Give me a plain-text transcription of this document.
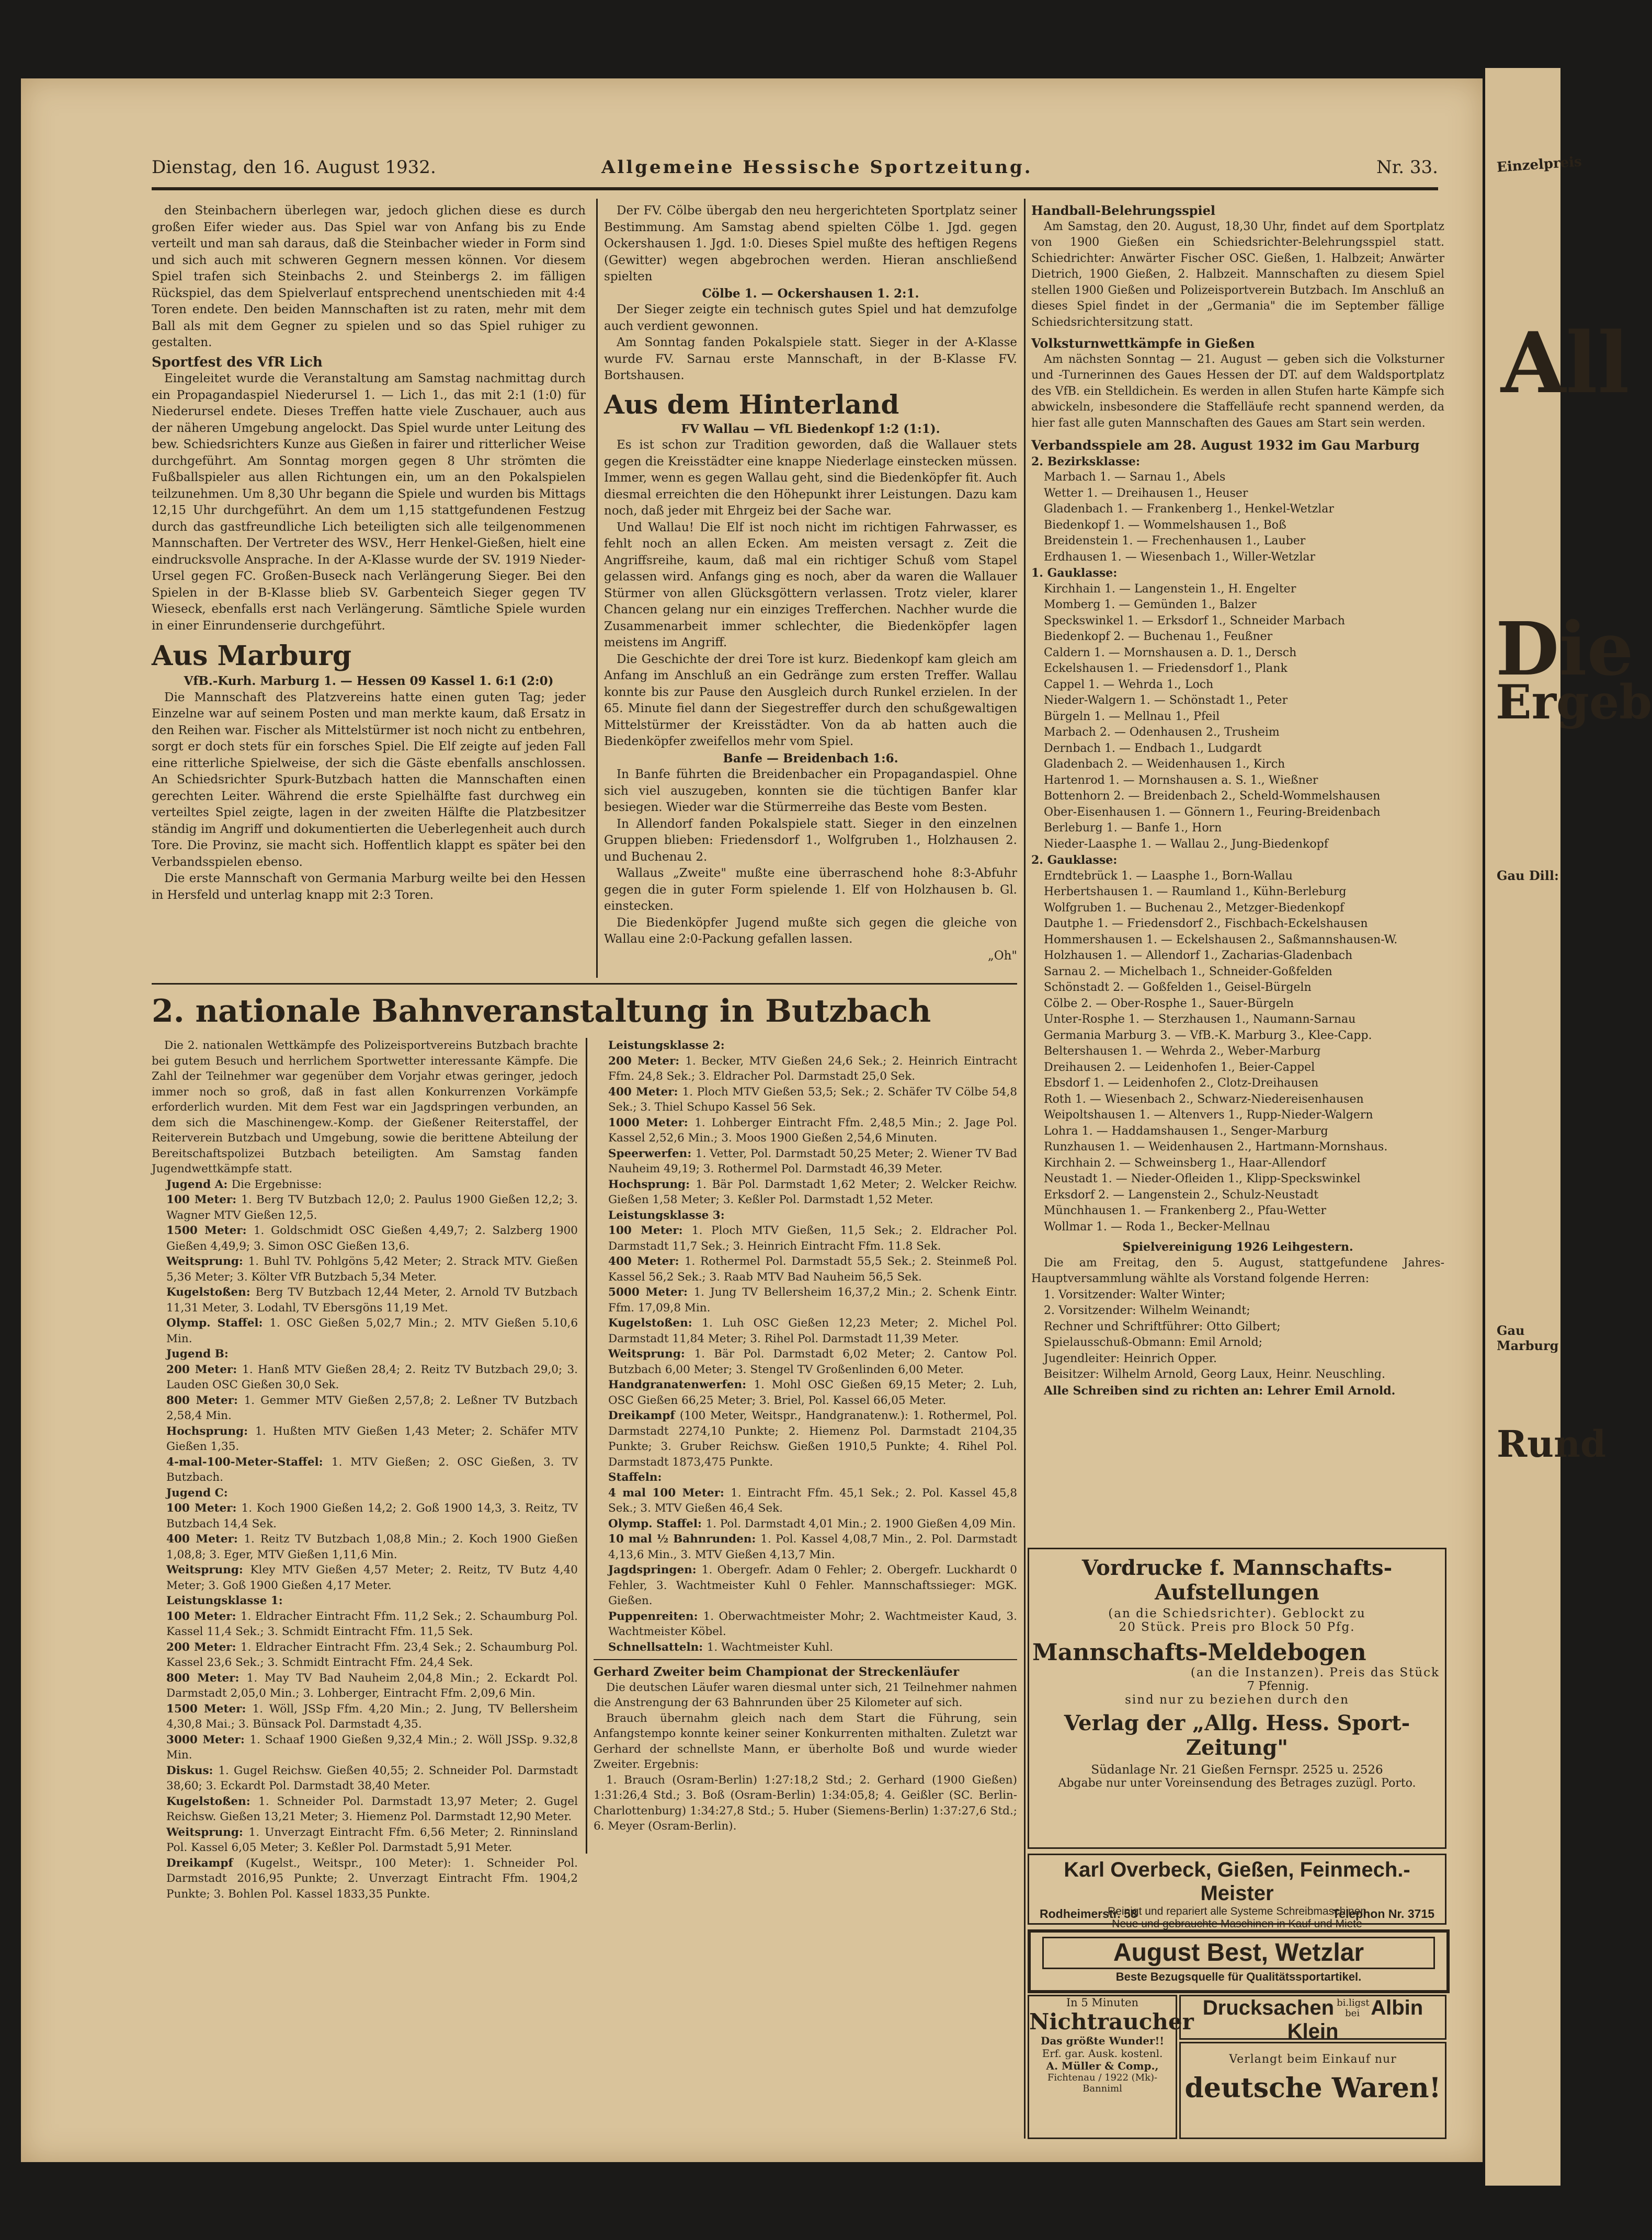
Einzelpreis
All
Die
Ergeb
Gau Dill:
Gau Marburg
Rund
Dienstag, den 16. August 1932.	Allgemeine Hessische Sportzeitung.	Nr. 33.

den Steinbachern überlegen war, jedoch glichen diese es durch großen Eifer wieder aus. Das Spiel war von Anfang bis zu Ende verteilt und man sah daraus, daß die Steinbacher wieder in Form sind und sich auch mit schweren Gegnern messen können. Vor diesem Spiel trafen sich Steinbachs 2. und Steinbergs 2. im fälligen Rückspiel, das dem Spielverlauf entsprechend unentschieden mit 4:4 Toren endete. Den beiden Mannschaften ist zu raten, mehr mit dem Ball als mit dem Gegner zu spielen und so das Spiel ruhiger zu gestalten.

Sportfest des VfR Lich

Eingeleitet wurde die Veranstaltung am Samstag nachmittag durch ein Propagandaspiel Niederursel 1. — Lich 1., das mit 2:1 (1:0) für Niederursel endete. Dieses Treffen hatte viele Zuschauer, auch aus der näheren Umgebung angelockt. Das Spiel wurde unter Leitung des bew. Schiedsrichters Kunze aus Gießen in fairer und ritterlicher Weise durchgeführt. Am Sonntag morgen gegen 8 Uhr strömten die Fußballspieler aus allen Richtungen ein, um an den Pokalspielen teilzunehmen. Um 8,30 Uhr begann die Spiele und wurden bis Mittags 12,15 Uhr durchgeführt. An dem um 1,15 stattgefundenen Festzug durch das gastfreundliche Lich beteiligten sich alle teilgenommenen Mannschaften. Der Vertreter des WSV., Herr Henkel-Gießen, hielt eine eindrucksvolle Ansprache. In der A-Klasse wurde der SV. 1919 Nieder-Ursel gegen FC. Großen-Buseck nach Verlängerung Sieger. Bei den Spielen in der B-Klasse blieb SV. Garbenteich Sieger gegen TV Wieseck, ebenfalls erst nach Verlängerung. Sämtliche Spiele wurden in einer Einrundenserie durchgeführt.

Aus Marburg

VfB.-Kurh. Marburg 1. — Hessen 09 Kassel 1. 6:1 (2:0)

Die Mannschaft des Platzvereins hatte einen guten Tag; jeder Einzelne war auf seinem Posten und man merkte kaum, daß Ersatz in den Reihen war. Fischer als Mittelstürmer ist noch nicht zu entbehren, sorgt er doch stets für ein forsches Spiel. Die Elf zeigte auf jeden Fall eine ritterliche Spielweise, der sich die Gäste ebenfalls anschlossen. An Schiedsrichter Spurk-Butzbach hatten die Mannschaften einen gerechten Leiter. Während die erste Spielhälfte fast durchweg ein verteiltes Spiel zeigte, lagen in der zweiten Hälfte die Platzbesitzer ständig im Angriff und dokumentierten die Ueberlegenheit auch durch Tore. Die Provinz, sie macht sich. Hoffentlich klappt es später bei den Verbandsspielen ebenso.

Die erste Mannschaft von Germania Marburg weilte bei den Hessen in Hersfeld und unterlag knapp mit 2:3 Toren.

Der FV. Cölbe übergab den neu hergerichteten Sportplatz seiner Bestimmung. Am Samstag abend spielten Cölbe 1. Jgd. gegen Ockershausen 1. Jgd. 1:0. Dieses Spiel mußte des heftigen Regens (Gewitter) wegen abgebrochen werden. Hieran anschließend spielten

Cölbe 1. — Ockershausen 1. 2:1.

Der Sieger zeigte ein technisch gutes Spiel und hat demzufolge auch verdient gewonnen.

Am Sonntag fanden Pokalspiele statt. Sieger in der A-Klasse wurde FV. Sarnau erste Mannschaft, in der B-Klasse FV. Bortshausen.

Aus dem Hinterland

FV Wallau — VfL Biedenkopf 1:2 (1:1).

Es ist schon zur Tradition geworden, daß die Wallauer stets gegen die Kreisstädter eine knappe Niederlage einstecken müssen. Immer, wenn es gegen Wallau geht, sind die Biedenköpfer fit. Auch diesmal erreichten die den Höhepunkt ihrer Leistungen. Dazu kam noch, daß jeder mit Ehrgeiz bei der Sache war.

Und Wallau! Die Elf ist noch nicht im richtigen Fahrwasser, es fehlt noch an allen Ecken. Am meisten versagt z. Zeit die Angriffsreihe, kaum, daß mal ein richtiger Schuß vom Stapel gelassen wird. Anfangs ging es noch, aber da waren die Wallauer Stürmer von allen Glücksgöttern verlassen. Trotz vieler, klarer Chancen gelang nur ein einziges Trefferchen. Nachher wurde die Zusammenarbeit immer schlechter, die Biedenköpfer lagen meistens im Angriff.

Die Geschichte der drei Tore ist kurz. Biedenkopf kam gleich am Anfang im Anschluß an ein Gedränge zum ersten Treffer. Wallau konnte bis zur Pause den Ausgleich durch Runkel erzielen. In der 65. Minute fiel dann der Siegestreffer durch den schußgewaltigen Mittelstürmer der Kreisstädter. Von da ab hatten auch die Biedenköpfer zweifellos mehr vom Spiel.

Banfe — Breidenbach 1:6.

In Banfe führten die Breidenbacher ein Propagandaspiel. Ohne sich viel auszugeben, konnten sie die tüchtigen Banfer klar besiegen. Wieder war die Stürmerreihe das Beste vom Besten.

In Allendorf fanden Pokalspiele statt. Sieger in den einzelnen Gruppen blieben: Friedensdorf 1., Wolfgruben 1., Holzhausen 2. und Buchenau 2.

Wallaus „Zweite" mußte eine überraschend hohe 8:3-Abfuhr gegen die in guter Form spielende 1. Elf von Holzhausen b. Gl. einstecken.

Die Biedenköpfer Jugend mußte sich gegen die gleiche von Wallau eine 2:0-Packung gefallen lassen.

„Oh"

Handball-Belehrungsspiel

Am Samstag, den 20. August, 18,30 Uhr, findet auf dem Sportplatz von 1900 Gießen ein Schiedsrichter-Belehrungsspiel statt. Schiedrichter: Anwärter Fischer OSC. Gießen, 1. Halbzeit; Anwärter Dietrich, 1900 Gießen, 2. Halbzeit. Mannschaften zu diesem Spiel stellen 1900 Gießen und Polizeisportverein Butzbach. Im Anschluß an dieses Spiel findet in der „Germania" die im September fällige Schiedsrichtersitzung statt.

Volksturnwettkämpfe in Gießen

Am nächsten Sonntag — 21. August — geben sich die Volksturner und -Turnerinnen des Gaues Hessen der DT. auf dem Waldsportplatz des VfB. ein Stelldichein. Es werden in allen Stufen harte Kämpfe sich abwickeln, insbesondere die Staffelläufe recht spannend werden, da hier fast alle guten Mannschaften des Gaues am Start sein werden.

Verbandsspiele am 28. August 1932 im Gau Marburg

2. Bezirksklasse:

Marbach 1. — Sarnau 1., Abels
Wetter 1. — Dreihausen 1., Heuser
Gladenbach 1. — Frankenberg 1., Henkel-Wetzlar
Biedenkopf 1. — Wommelshausen 1., Boß
Breidenstein 1. — Frechenhausen 1., Lauber
Erdhausen 1. — Wiesenbach 1., Willer-Wetzlar

1. Gauklasse:

Kirchhain 1. — Langenstein 1., H. Engelter
Momberg 1. — Gemünden 1., Balzer
Speckswinkel 1. — Erksdorf 1., Schneider Marbach
Biedenkopf 2. — Buchenau 1., Feußner
Caldern 1. — Mornshausen a. D. 1., Dersch
Eckelshausen 1. — Friedensdorf 1., Plank
Cappel 1. — Wehrda 1., Loch
Nieder-Walgern 1. — Schönstadt 1., Peter
Bürgeln 1. — Mellnau 1., Pfeil
Marbach 2. — Odenhausen 2., Trusheim
Dernbach 1. — Endbach 1., Ludgardt
Gladenbach 2. — Weidenhausen 1., Kirch
Hartenrod 1. — Mornshausen a. S. 1., Wießner
Bottenhorn 2. — Breidenbach 2., Scheld-Wommelshausen
Ober-Eisenhausen 1. — Gönnern 1., Feuring-Breidenbach
Berleburg 1. — Banfe 1., Horn
Nieder-Laasphe 1. — Wallau 2., Jung-Biedenkopf

2. Gauklasse:

Erndtebrück 1. — Laasphe 1., Born-Wallau
Herbertshausen 1. — Raumland 1., Kühn-Berleburg
Wolfgruben 1. — Buchenau 2., Metzger-Biedenkopf
Dautphe 1. — Friedensdorf 2., Fischbach-Eckelshausen
Hommershausen 1. — Eckelshausen 2., Saßmannshausen-W.
Holzhausen 1. — Allendorf 1., Zacharias-Gladenbach
Sarnau 2. — Michelbach 1., Schneider-Goßfelden
Schönstadt 2. — Goßfelden 1., Geisel-Bürgeln
Cölbe 2. — Ober-Rosphe 1., Sauer-Bürgeln
Unter-Rosphe 1. — Sterzhausen 1., Naumann-Sarnau
Germania Marburg 3. — VfB.-K. Marburg 3., Klee-Capp.
Beltershausen 1. — Wehrda 2., Weber-Marburg
Dreihausen 2. — Leidenhofen 1., Beier-Cappel
Ebsdorf 1. — Leidenhofen 2., Clotz-Dreihausen
Roth 1. — Wiesenbach 2., Schwarz-Niedereisenhausen
Weipoltshausen 1. — Altenvers 1., Rupp-Nieder-Walgern
Lohra 1. — Haddamshausen 1., Senger-Marburg
Runzhausen 1. — Weidenhausen 2., Hartmann-Mornshaus.
Kirchhain 2. — Schweinsberg 1., Haar-Allendorf
Neustadt 1. — Nieder-Ofleiden 1., Klipp-Speckswinkel
Erksdorf 2. — Langenstein 2., Schulz-Neustadt
Münchhausen 1. — Frankenberg 2., Pfau-Wetter
Wollmar 1. — Roda 1., Becker-Mellnau

Spielvereinigung 1926 Leihgestern.

Die am Freitag, den 5. August, stattgefundene Jahres-Hauptversammlung wählte als Vorstand folgende Herren:

1. Vorsitzender: Walter Winter;
2. Vorsitzender: Wilhelm Weinandt;
Rechner und Schriftführer: Otto Gilbert;
Spielausschuß-Obmann: Emil Arnold;
Jugendleiter: Heinrich Opper.
Beisitzer: Wilhelm Arnold, Georg Laux, Heinr. Neuschling.

Alle Schreiben sind zu richten an: Lehrer Emil Arnold.

2. nationale Bahnveranstaltung in Butzbach

Die 2. nationalen Wettkämpfe des Polizeisportvereins Butzbach brachte bei gutem Besuch und herrlichem Sportwetter interessante Kämpfe. Die Zahl der Teilnehmer war gegenüber dem Vorjahr etwas geringer, jedoch immer noch so groß, daß in fast allen Konkurrenzen Vorkämpfe erforderlich wurden. Mit dem Fest war ein Jagdspringen verbunden, an dem sich die Maschinengew.-Komp. der Gießener Reiterstaffel, der Reiterverein Butzbach und Umgebung, sowie die berittene Abteilung der Bereitschaftspolizei Butzbach beteiligten. Am Samstag fanden Jugendwettkämpfe statt.

Jugend A: Die Ergebnisse:

100 Meter: 1. Berg TV Butzbach 12,0; 2. Paulus 1900 Gießen 12,2; 3. Wagner MTV Gießen 12,5.

1500 Meter: 1. Goldschmidt OSC Gießen 4,49,7; 2. Salzberg 1900 Gießen 4,49,9; 3. Simon OSC Gießen 13,6.

Weitsprung: 1. Buhl TV. Pohlgöns 5,42 Meter; 2. Strack MTV. Gießen 5,36 Meter; 3. Költer VfR Butzbach 5,34 Meter.

Kugelstoßen: Berg TV Butzbach 12,44 Meter, 2. Arnold TV Butzbach 11,31 Meter, 3. Lodahl, TV Ebersgöns 11,19 Met.

Olymp. Staffel: 1. OSC Gießen 5,02,7 Min.; 2. MTV Gießen 5.10,6 Min.

Jugend B:

200 Meter: 1. Hanß MTV Gießen 28,4; 2. Reitz TV Butzbach 29,0; 3. Lauden OSC Gießen 30,0 Sek.

800 Meter: 1. Gemmer MTV Gießen 2,57,8; 2. Leßner TV Butzbach 2,58,4 Min.

Hochsprung: 1. Hußten MTV Gießen 1,43 Meter; 2. Schäfer MTV Gießen 1,35.

4-mal-100-Meter-Staffel: 1. MTV Gießen; 2. OSC Gießen, 3. TV Butzbach.

Jugend C:

100 Meter: 1. Koch 1900 Gießen 14,2; 2. Goß 1900 14,3, 3. Reitz, TV Butzbach 14,4 Sek.

400 Meter: 1. Reitz TV Butzbach 1,08,8 Min.; 2. Koch 1900 Gießen 1,08,8; 3. Eger, MTV Gießen 1,11,6 Min.

Weitsprung: Kley MTV Gießen 4,57 Meter; 2. Reitz, TV Butz 4,40 Meter; 3. Goß 1900 Gießen 4,17 Meter.

Leistungsklasse 1:

100 Meter: 1. Eldracher Eintracht Ffm. 11,2 Sek.; 2. Schaumburg Pol. Kassel 11,4 Sek.; 3. Schmidt Eintracht Ffm. 11,5 Sek.

200 Meter: 1. Eldracher Eintracht Ffm. 23,4 Sek.; 2. Schaumburg Pol. Kassel 23,6 Sek.; 3. Schmidt Eintracht Ffm. 24,4 Sek.

800 Meter: 1. May TV Bad Nauheim 2,04,8 Min.; 2. Eckardt Pol. Darmstadt 2,05,0 Min.; 3. Lohberger, Eintracht Ffm. 2,09,6 Min.

1500 Meter: 1. Wöll, JSSp Ffm. 4,20 Min.; 2. Jung, TV Bellersheim 4,30,8 Mai.; 3. Bünsack Pol. Darmstadt 4,35.

3000 Meter: 1. Schaaf 1900 Gießen 9,32,4 Min.; 2. Wöll JSSp. 9.32,8 Min.

Diskus: 1. Gugel Reichsw. Gießen 40,55; 2. Schneider Pol. Darmstadt 38,60; 3. Eckardt Pol. Darmstadt 38,40 Meter.

Kugelstoßen: 1. Schneider Pol. Darmstadt 13,97 Meter; 2. Gugel Reichsw. Gießen 13,21 Meter; 3. Hiemenz Pol. Darmstadt 12,90 Meter.

Weitsprung: 1. Unverzagt Eintracht Ffm. 6,56 Meter; 2. Rinninsland Pol. Kassel 6,05 Meter; 3. Keßler Pol. Darmstadt 5,91 Meter.

Dreikampf (Kugelst., Weitspr., 100 Meter): 1. Schneider Pol. Darmstadt 2016,95 Punkte; 2. Unverzagt Eintracht Ffm. 1904,2 Punkte; 3. Bohlen Pol. Kassel 1833,35 Punkte.

Leistungsklasse 2:

200 Meter: 1. Becker, MTV Gießen 24,6 Sek.; 2. Heinrich Eintracht Ffm. 24,8 Sek.; 3. Eldracher Pol. Darmstadt 25,0 Sek.

400 Meter: 1. Ploch MTV Gießen 53,5; Sek.; 2. Schäfer TV Cölbe 54,8 Sek.; 3. Thiel Schupo Kassel 56 Sek.

1000 Meter: 1. Lohberger Eintracht Ffm. 2,48,5 Min.; 2. Jage Pol. Kassel 2,52,6 Min.; 3. Moos 1900 Gießen 2,54,6 Minuten.

Speerwerfen: 1. Vetter, Pol. Darmstadt 50,25 Meter; 2. Wiener TV Bad Nauheim 49,19; 3. Rothermel Pol. Darmstadt 46,39 Meter.

Hochsprung: 1. Bär Pol. Darmstadt 1,62 Meter; 2. Welcker Reichw. Gießen 1,58 Meter; 3. Keßler Pol. Darmstadt 1,52 Meter.

Leistungsklasse 3:

100 Meter: 1. Ploch MTV Gießen, 11,5 Sek.; 2. Eldracher Pol. Darmstadt 11,7 Sek.; 3. Heinrich Eintracht Ffm. 11.8 Sek.

400 Meter: 1. Rothermel Pol. Darmstadt 55,5 Sek.; 2. Steinmeß Pol. Kassel 56,2 Sek.; 3. Raab MTV Bad Nauheim 56,5 Sek.

5000 Meter: 1. Jung TV Bellersheim 16,37,2 Min.; 2. Schenk Eintr. Ffm. 17,09,8 Min.

Kugelstoßen: 1. Luh OSC Gießen 12,23 Meter; 2. Michel Pol. Darmstadt 11,84 Meter; 3. Rihel Pol. Darmstadt 11,39 Meter.

Weitsprung: 1. Bär Pol. Darmstadt 6,02 Meter; 2. Cantow Pol. Butzbach 6,00 Meter; 3. Stengel TV Großenlinden 6,00 Meter.

Handgranatenwerfen: 1. Mohl OSC Gießen 69,15 Meter; 2. Luh, OSC Gießen 66,25 Meter; 3. Briel, Pol. Kassel 66,05 Meter.

Dreikampf (100 Meter, Weitspr., Handgranatenw.): 1. Rothermel, Pol. Darmstadt 2274,10 Punkte; 2. Hiemenz Pol. Darmstadt 2104,35 Punkte; 3. Gruber Reichsw. Gießen 1910,5 Punkte; 4. Rihel Pol. Darmstadt 1873,475 Punkte.

Staffeln:

4 mal 100 Meter: 1. Eintracht Ffm. 45,1 Sek.; 2. Pol. Kassel 45,8 Sek.; 3. MTV Gießen 46,4 Sek.

Olymp. Staffel: 1. Pol. Darmstadt 4,01 Min.; 2. 1900 Gießen 4,09 Min.

10 mal ½ Bahnrunden: 1. Pol. Kassel 4,08,7 Min., 2. Pol. Darmstadt 4,13,6 Min., 3. MTV Gießen 4,13,7 Min.

Jagdspringen: 1. Obergefr. Adam 0 Fehler; 2. Obergefr. Luckhardt 0 Fehler, 3. Wachtmeister Kuhl 0 Fehler. Mannschaftssieger: MGK. Gießen.

Puppenreiten: 1. Oberwachtmeister Mohr; 2. Wachtmeister Kaud, 3. Wachtmeister Köbel.

Schnellsatteln: 1. Wachtmeister Kuhl.

Gerhard Zweiter beim Championat der Streckenläufer

Die deutschen Läufer waren diesmal unter sich, 21 Teilnehmer nahmen die Anstrengung der 63 Bahnrunden über 25 Kilometer auf sich.

Brauch übernahm gleich nach dem Start die Führung, sein Anfangstempo konnte keiner seiner Konkurrenten mithalten. Zuletzt war Gerhard der schnellste Mann, er überholte Boß und wurde wieder Zweiter. Ergebnis:

1. Brauch (Osram-Berlin) 1:27:18,2 Std.; 2. Gerhard (1900 Gießen) 1:31:26,4 Std.; 3. Boß (Osram-Berlin) 1:34:05,8; 4. Geißler (SC. Berlin-Charlottenburg) 1:34:27,8 Std.; 5. Huber (Siemens-Berlin) 1:37:27,6 Std.; 6. Meyer (Osram-Berlin).

Vordrucke f. Mannschafts-Aufstellungen
(an die Schiedsrichter). Geblockt zu
20 Stück. Preis pro Block 50 Pfg.
Mannschafts-Meldebogen
(an die Instanzen). Preis das Stück
7 Pfennig.
sind nur zu beziehen durch den
Verlag der „Allg. Hess. Sport-Zeitung"
Südanlage Nr. 21 Gießen Fernspr. 2525 u. 2526
Abgabe nur unter Voreinsendung des Betrages zuzügl. Porto.
Karl Overbeck, Gießen, Feinmech.-Meister
Reinigt und repariert alle Systeme Schreibmaschinen
Neue und gebrauchte Maschinen in Kauf und Miete
Rodheimerstr. 58	Telephon Nr. 3715
August Best, Wetzlar
Beste Bezugsquelle für Qualitätssportartikel.
In 5 Minuten
Nichtraucher
Das größte Wunder!!
Erf. gar. Ausk. kostenl.
A. Müller & Comp.,
Fichtenau / 1922 (Mk)-Banniml
Drucksachen bi.ligst bei Albin Klein
Verlangt beim Einkauf nur
deutsche Waren!
